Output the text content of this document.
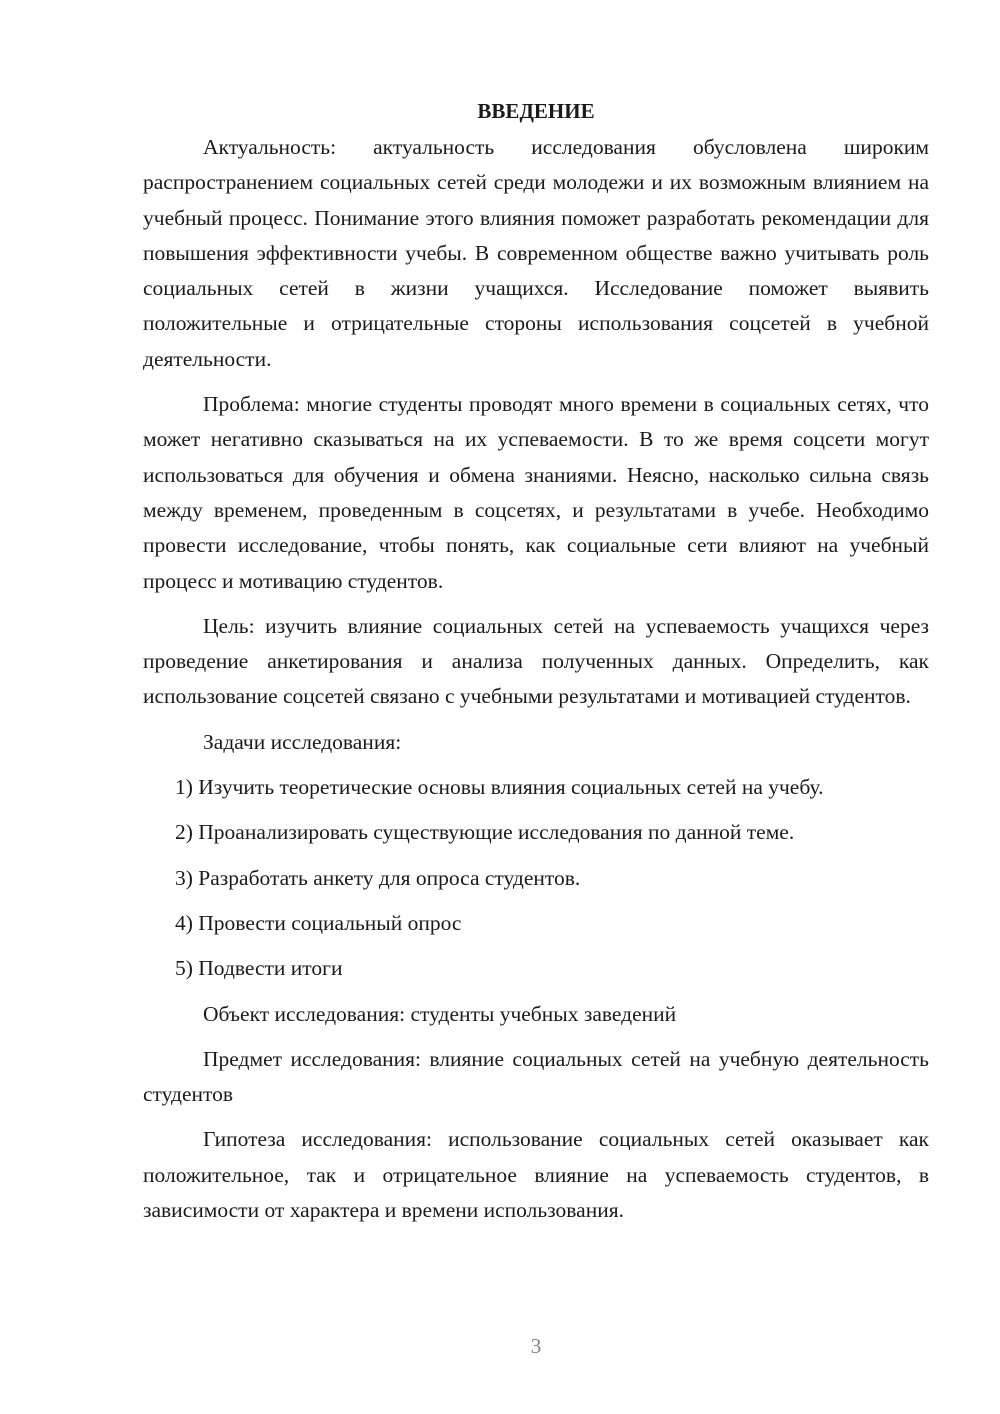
ВВЕДЕНИЕ

Актуальность: актуальность исследования обусловлена широким распространением социальных сетей среди молодежи и их возможным влиянием на учебный процесс. Понимание этого влияния поможет разработать рекомендации для повышения эффективности учебы. В современном обществе важно учитывать роль социальных сетей в жизни учащихся. Исследование поможет выявить положительные и отрицательные стороны использования соцсетей в учебной деятельности.

Проблема: многие студенты проводят много времени в социальных сетях, что может негативно сказываться на их успеваемости. В то же время соцсети могут использоваться для обучения и обмена знаниями. Неясно, насколько сильна связь между временем, проведенным в соцсетях, и результатами в учебе. Необходимо провести исследование, чтобы понять, как социальные сети влияют на учебный процесс и мотивацию студентов.

Цель: изучить влияние социальных сетей на успеваемость учащихся через проведение анкетирования и анализа полученных данных. Определить, как использование соцсетей связано с учебными результатами и мотивацией студентов.

Задачи исследования:

1) Изучить теоретические основы влияния социальных сетей на учебу.

2) Проанализировать существующие исследования по данной теме.

3) Разработать анкету для опроса студентов.

4) Провести социальный опрос

5) Подвести итоги

Объект исследования: студенты учебных заведений

Предмет исследования: влияние социальных сетей на учебную деятельность студентов

Гипотеза исследования: использование социальных сетей оказывает как положительное, так и отрицательное влияние на успеваемость студентов, в зависимости от характера и времени использования.

3
